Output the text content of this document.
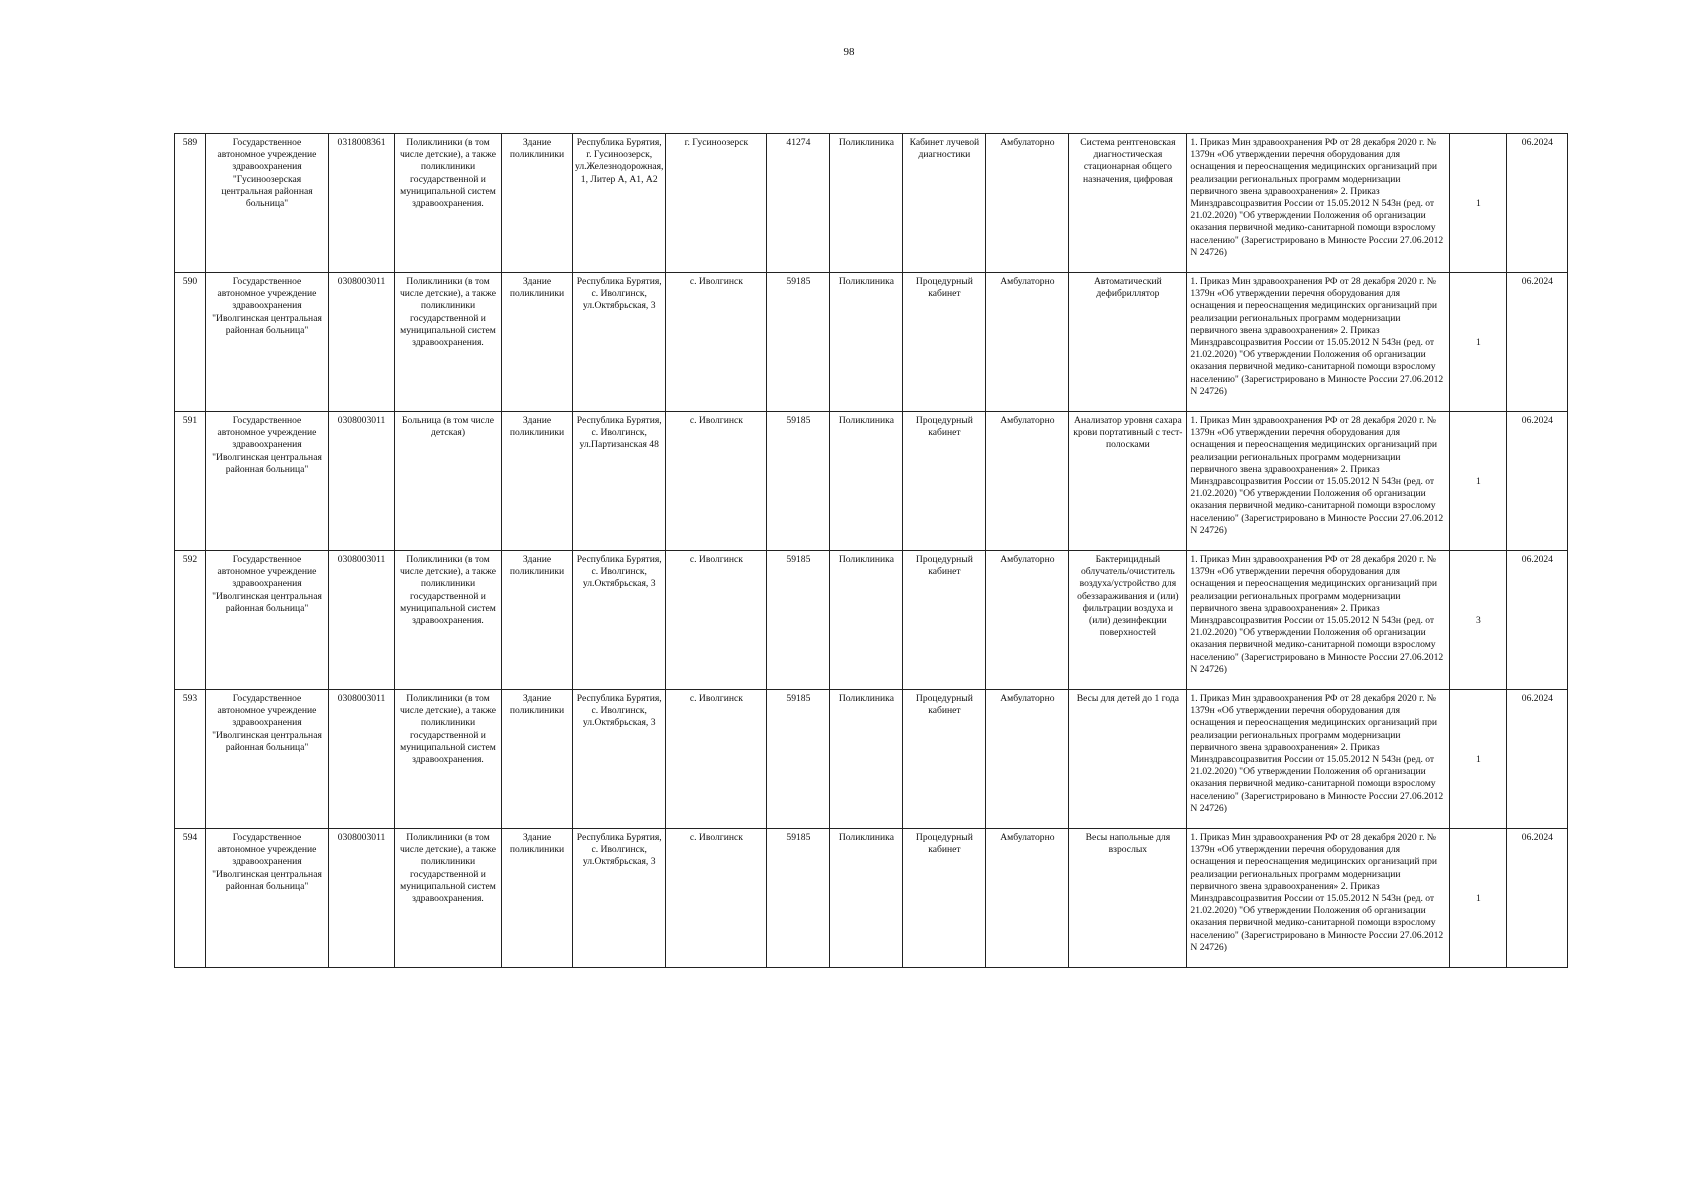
98
589	Государственное автономное учреждение здравоохранения "Гусиноозерская центральная районная больница"	0318008361	Поликлиники (в том числе детские), а также поликлиники государственной и муниципальной систем здравоохранения.	Здание поликлиники	Республика Бурятия, г. Гусиноозерск, ул.Железнодорожная, 1, Литер А, А1, А2	г. Гусиноозерск	41274	Поликлиника	Кабинет лучевой диагностики	Амбулаторно	Система рентгеновская диагностическая стационарная общего назначения, цифровая	1. Приказ Мин здравоохранения РФ от 28 декабря 2020 г. № 1379н «Об утверждении перечня оборудования для оснащения и переоснащения медицинских организаций при реализации региональных программ модернизации первичного звена здравоохранения» 2. Приказ Минздравсоцразвития России от 15.05.2012 N 543н (ред. от 21.02.2020) "Об утверждении Положения об организации оказания первичной медико-санитарной помощи взрослому населению" (Зарегистрировано в Минюсте России 27.06.2012 N 24726)	1	06.2024
590	Государственное автономное учреждение здравоохранения "Иволгинская центральная районная больница"	0308003011	Поликлиники (в том числе детские), а также поликлиники государственной и муниципальной систем здравоохранения.	Здание поликлиники	Республика Бурятия, с. Иволгинск, ул.Октябрьская, 3	с. Иволгинск	59185	Поликлиника	Процедурный кабинет	Амбулаторно	Автоматический дефибриллятор	1. Приказ Мин здравоохранения РФ от 28 декабря 2020 г. № 1379н «Об утверждении перечня оборудования для оснащения и переоснащения медицинских организаций при реализации региональных программ модернизации первичного звена здравоохранения» 2. Приказ Минздравсоцразвития России от 15.05.2012 N 543н (ред. от 21.02.2020) "Об утверждении Положения об организации оказания первичной медико-санитарной помощи взрослому населению" (Зарегистрировано в Минюсте России 27.06.2012 N 24726)	1	06.2024
591	Государственное автономное учреждение здравоохранения "Иволгинская центральная районная больница"	0308003011	Больница (в том числе детская)	Здание поликлиники	Республика Бурятия, с. Иволгинск, ул.Партизанская 48	с. Иволгинск	59185	Поликлиника	Процедурный кабинет	Амбулаторно	Анализатор уровня сахара крови портативный с тест-полосками	1. Приказ Мин здравоохранения РФ от 28 декабря 2020 г. № 1379н «Об утверждении перечня оборудования для оснащения и переоснащения медицинских организаций при реализации региональных программ модернизации первичного звена здравоохранения» 2. Приказ Минздравсоцразвития России от 15.05.2012 N 543н (ред. от 21.02.2020) "Об утверждении Положения об организации оказания первичной медико-санитарной помощи взрослому населению" (Зарегистрировано в Минюсте России 27.06.2012 N 24726)	1	06.2024
592	Государственное автономное учреждение здравоохранения "Иволгинская центральная районная больница"	0308003011	Поликлиники (в том числе детские), а также поликлиники государственной и муниципальной систем здравоохранения.	Здание поликлиники	Республика Бурятия, с. Иволгинск, ул.Октябрьская, 3	с. Иволгинск	59185	Поликлиника	Процедурный кабинет	Амбулаторно	Бактерицидный облучатель/очиститель воздуха/устройство для обеззараживания и (или) фильтрации воздуха и (или) дезинфекции поверхностей	1. Приказ Мин здравоохранения РФ от 28 декабря 2020 г. № 1379н «Об утверждении перечня оборудования для оснащения и переоснащения медицинских организаций при реализации региональных программ модернизации первичного звена здравоохранения» 2. Приказ Минздравсоцразвития России от 15.05.2012 N 543н (ред. от 21.02.2020) "Об утверждении Положения об организации оказания первичной медико-санитарной помощи взрослому населению" (Зарегистрировано в Минюсте России 27.06.2012 N 24726)	3	06.2024
593	Государственное автономное учреждение здравоохранения "Иволгинская центральная районная больница"	0308003011	Поликлиники (в том числе детские), а также поликлиники государственной и муниципальной систем здравоохранения.	Здание поликлиники	Республика Бурятия, с. Иволгинск, ул.Октябрьская, 3	с. Иволгинск	59185	Поликлиника	Процедурный кабинет	Амбулаторно	Весы для детей до 1 года	1. Приказ Мин здравоохранения РФ от 28 декабря 2020 г. № 1379н «Об утверждении перечня оборудования для оснащения и переоснащения медицинских организаций при реализации региональных программ модернизации первичного звена здравоохранения» 2. Приказ Минздравсоцразвития России от 15.05.2012 N 543н (ред. от 21.02.2020) "Об утверждении Положения об организации оказания первичной медико-санитарной помощи взрослому населению" (Зарегистрировано в Минюсте России 27.06.2012 N 24726)	1	06.2024
594	Государственное автономное учреждение здравоохранения "Иволгинская центральная районная больница"	0308003011	Поликлиники (в том числе детские), а также поликлиники государственной и муниципальной систем здравоохранения.	Здание поликлиники	Республика Бурятия, с. Иволгинск, ул.Октябрьская, 3	с. Иволгинск	59185	Поликлиника	Процедурный кабинет	Амбулаторно	Весы напольные для взрослых	1. Приказ Мин здравоохранения РФ от 28 декабря 2020 г. № 1379н «Об утверждении перечня оборудования для оснащения и переоснащения медицинских организаций при реализации региональных программ модернизации первичного звена здравоохранения» 2. Приказ Минздравсоцразвития России от 15.05.2012 N 543н (ред. от 21.02.2020) "Об утверждении Положения об организации оказания первичной медико-санитарной помощи взрослому населению" (Зарегистрировано в Минюсте России 27.06.2012 N 24726)	1	06.2024
